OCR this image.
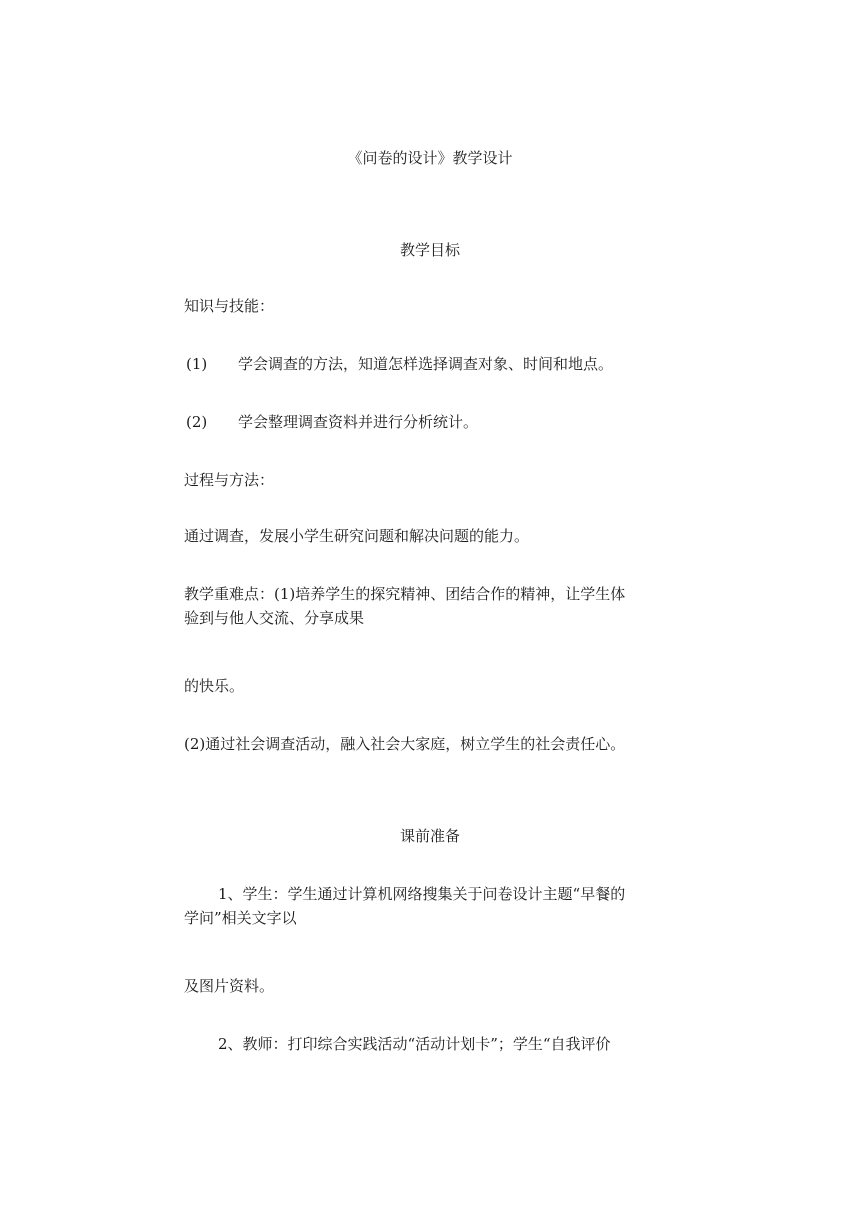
《问卷的设计》教学设计
教学目标
知识与技能：
(1) 学会调查的方法，知道怎样选择调查对象、时间和地点。
(2) 学会整理调查资料并进行分析统计。
过程与方法：
通过调查，发展小学生研究问题和解决问题的能力。
教学重难点：(1)培养学生的探究精神、团结合作的精神，让学生体
验到与他人交流、分享成果
的快乐。
(2)通过社会调查活动，融入社会大家庭，树立学生的社会责任心。
课前准备
1、学生：学生通过计算机网络搜集关于问卷设计主题“早餐的
学问”相关文字以
及图片资料。
2、教师：打印综合实践活动“活动计划卡”；学生“自我评价
